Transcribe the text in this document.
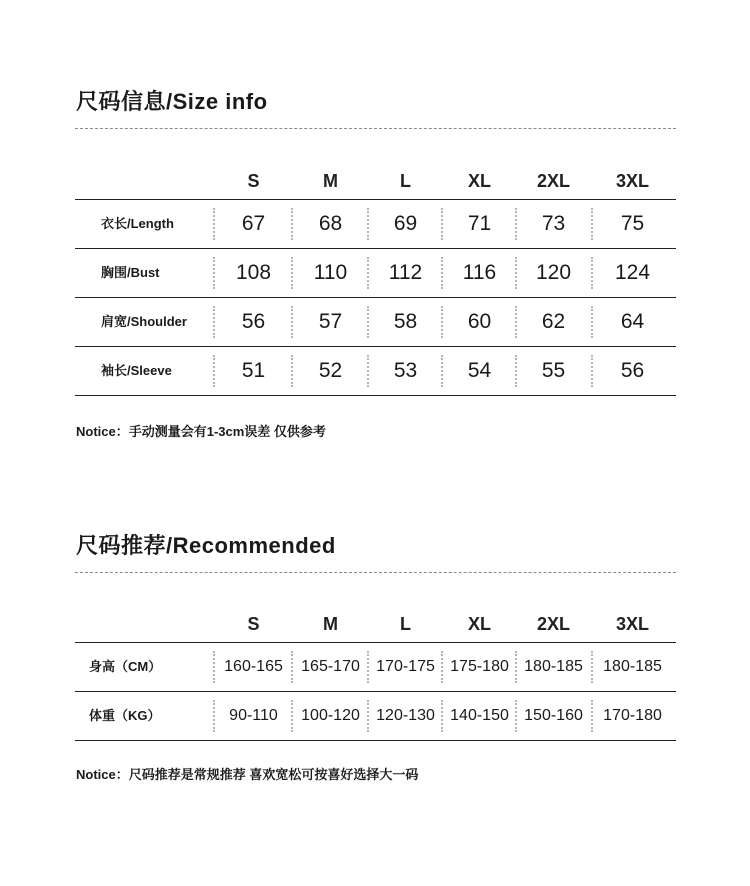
尺码信息/Size info
S	M	L	XL	2XL	3XL
衣长/Length	67	68	69	71	73	75
胸围/Bust	108	110	112	116	120	124
肩宽/Shoulder	56	57	58	60	62	64
袖长/Sleeve	51	52	53	54	55	56
Notice：手动测量会有1-3cm误差 仅供参考
尺码推荐/Recommended
S	M	L	XL	2XL	3XL
身高（CM）	160-165	165-170	170-175 175-180 180-185	180-185
体重（KG）	90-110	100-120	120-130 140-150 150-160	170-180
Notice：尺码推荐是常规推荐 喜欢宽松可按喜好选择大一码
